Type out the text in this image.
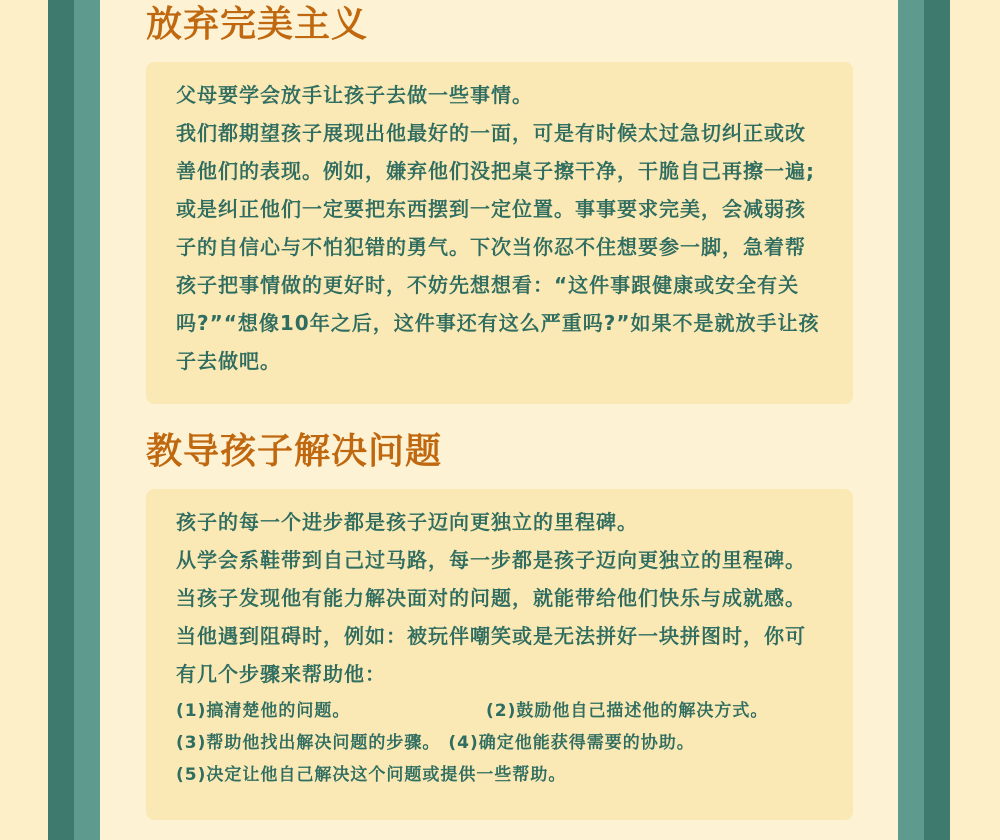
放弃完美主义

父母要学会放手让孩子去做一些事情。

我们都期望孩子展现出他最好的一面，可是有时候太过急切纠正或改善他们的表现。例如，嫌弃他们没把桌子擦干净，干脆自己再擦一遍;或是纠正他们一定要把东西摆到一定位置。事事要求完美，会减弱孩子的自信心与不怕犯错的勇气。下次当你忍不住想要参一脚，急着帮孩子把事情做的更好时，不妨先想想看：“这件事跟健康或安全有关吗?”“想像10年之后，这件事还有这么严重吗?”如果不是就放手让孩子去做吧。

教导孩子解决问题

孩子的每一个进步都是孩子迈向更独立的里程碑。

从学会系鞋带到自己过马路，每一步都是孩子迈向更独立的里程碑。当孩子发现他有能力解决面对的问题，就能带给他们快乐与成就感。当他遇到阻碍时，例如：被玩伴嘲笑或是无法拼好一块拼图时，你可有几个步骤来帮助他：

(1)搞清楚他的问题。	(2)鼓励他自己描述他的解决方式。
(3)帮助他找出解决问题的步骤。 (4)确定他能获得需要的协助。
(5)决定让他自己解决这个问题或提供一些帮助。
